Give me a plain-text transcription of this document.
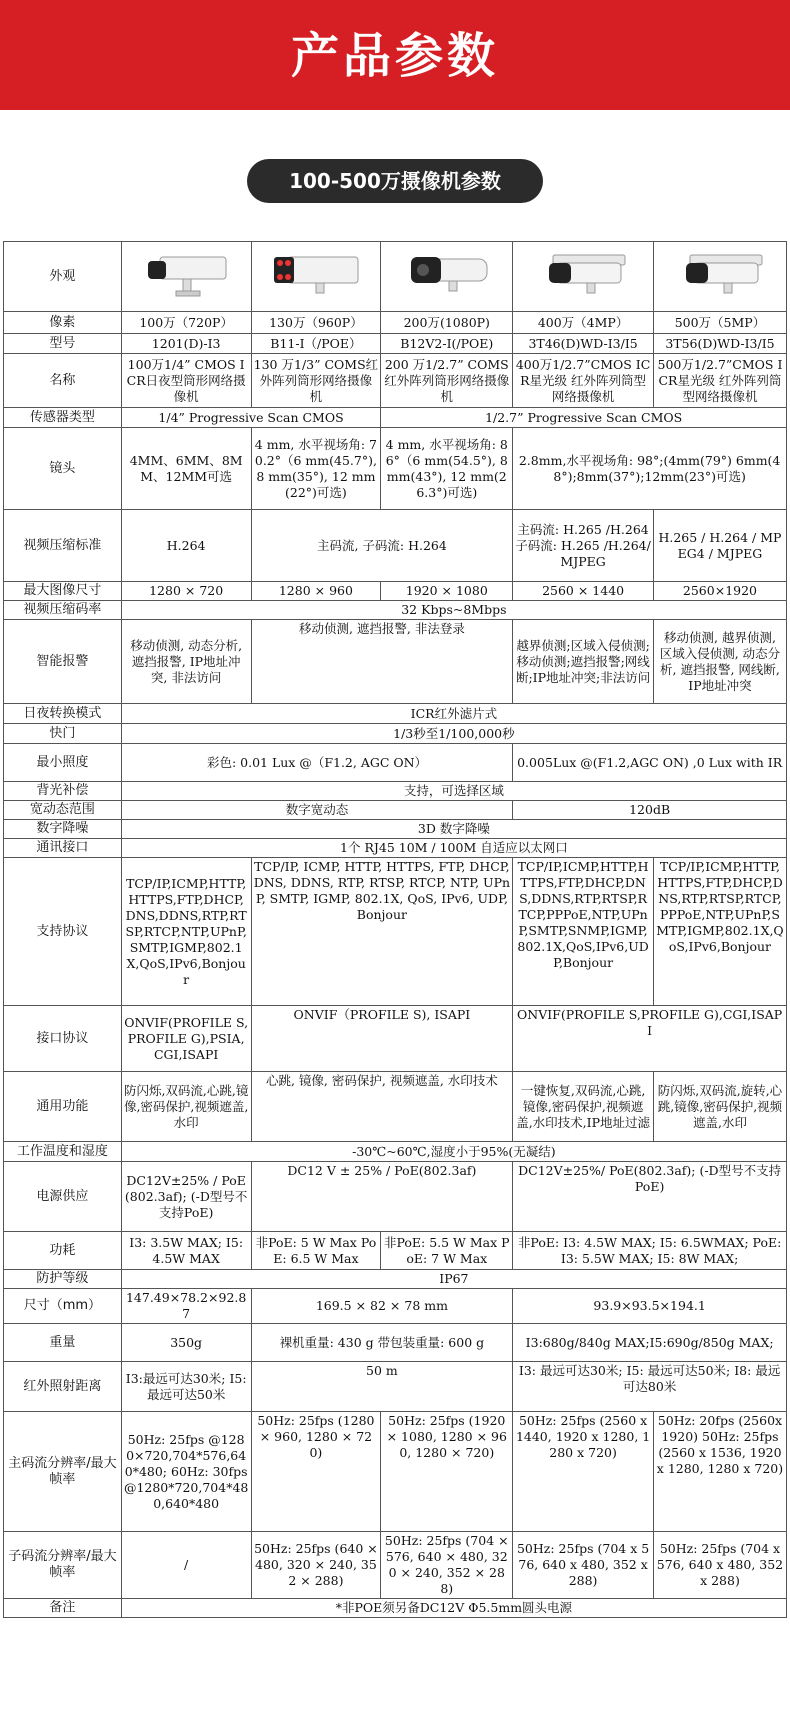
产品参数
100-500万摄像机参数
外观	

像素	100万（720P）	130万（960P）	200万(1080P)	400万（4MP）	500万（5MP）
型号	1201(D)-I3	B11-I（/POE）	B12V2-I(/POE)	3T46(D)WD-I3/I5	3T56(D)WD-I3/I5
名称	100万1/4” CMOS ICR日夜型筒形网络摄像机	130 万1/3” COMS红外阵列筒形网络摄像机	200 万1/2.7” COMS 红外阵列筒形网络摄像机	400万1/2.7”CMOS ICR星光级 红外阵列筒型网络摄像机	500万1/2.7”CMOS ICR星光级 红外阵列筒型网络摄像机
传感器类型	1/4” Progressive Scan CMOS		1/2.7” Progressive Scan CMOS		
镜头	4MM、6MM、8MM、12MM可选	4 mm, 水平视场角: 70.2°（6 mm(45.7°), 8 mm(35°), 12 mm(22°)可选)	4 mm, 水平视场角: 86°（6 mm(54.5°), 8 mm(43°), 12 mm(26.3°)可选)	2.8mm,水平视场角: 98°;(4mm(79°) 6mm(48°);8mm(37°);12mm(23°)可选)	
视频压缩标准	H.264	主码流, 子码流: H.264		主码流: H.265 /H.264 子码流: H.265 /H.264/ MJPEG	H.265 / H.264 / MPEG4 / MJPEG
最大图像尺寸	1280 × 720	1280 × 960	1920 × 1080	2560 × 1440	2560×1920
视频压缩码率	32 Kbps~8Mbps				
智能报警	移动侦测, 动态分析, 遮挡报警, IP地址冲突, 非法访问	移动侦测, 遮挡报警, 非法登录		越界侦测;区域入侵侦测;移动侦测;遮挡报警;网线断;IP地址冲突;非法访问	移动侦测, 越界侦测, 区域入侵侦测, 动态分析, 遮挡报警, 网线断, IP地址冲突
日夜转换模式	ICR红外滤片式				
快门	1/3秒至1/100,000秒				
最小照度	彩色: 0.01 Lux @（F1.2, AGC ON）			0.005Lux @(F1.2,AGC ON) ,0 Lux with IR	
背光补偿	支持，可选择区域				
宽动态范围	数字宽动态			120dB	
数字降噪	3D 数字降噪				
通讯接口	1个 RJ45 10M / 100M 自适应以太网口				
支持协议	TCP/IP,ICMP,HTTP,HTTPS,FTP,DHCP,DNS,DDNS,RTP,RTSP,RTCP,NTP,UPnP,SMTP,IGMP,802.1X,QoS,IPv6,Bonjour	TCP/IP, ICMP, HTTP, HTTPS, FTP, DHCP, DNS, DDNS, RTP, RTSP, RTCP, NTP, UPnP, SMTP, IGMP, 802.1X, QoS, IPv6, UDP, Bonjour		TCP/IP,ICMP,HTTP,HTTPS,FTP,DHCP,DNS,DDNS,RTP,RTSP,RTCP,PPPoE,NTP,UPnP,SMTP,SNMP,IGMP,802.1X,QoS,IPv6,UDP,Bonjour	TCP/IP,ICMP,HTTP,HTTPS,FTP,DHCP,DNS,RTP,RTSP,RTCP,PPPoE,NTP,UPnP,SMTP,IGMP,802.1X,QoS,IPv6,Bonjour
接口协议	ONVIF(PROFILE S,PROFILE G),PSIA,CGI,ISAPI	ONVIF（PROFILE S), ISAPI		ONVIF(PROFILE S,PROFILE G),CGI,ISAPI	
通用功能	防闪烁,双码流,心跳,镜像,密码保护,视频遮盖,水印	心跳, 镜像, 密码保护, 视频遮盖, 水印技术		一键恢复,双码流,心跳,镜像,密码保护,视频遮盖,水印技术,IP地址过滤	防闪烁,双码流,旋转,心跳,镜像,密码保护,视频遮盖,水印
工作温度和湿度	-30℃~60℃,湿度小于95%(无凝结)				
电源供应	DC12V±25% / PoE(802.3af); (-D型号不支持PoE)	DC12 V ± 25% / PoE(802.3af)		DC12V±25%/ PoE(802.3af); (-D型号不支持PoE)	
功耗	I3: 3.5W MAX; I5: 4.5W MAX	非PoE: 5 W Max PoE: 6.5 W Max	非PoE: 5.5 W Max PoE: 7 W Max	非PoE: I3: 4.5W MAX; I5: 6.5WMAX; PoE: I3: 5.5W MAX; I5: 8W MAX;	
防护等级	IP67				
尺寸（mm）	147.49×78.2×92.87	169.5 × 82 × 78 mm		93.9×93.5×194.1	
重量	350g	裸机重量: 430 g 带包装重量: 600 g		I3:680g/840g MAX;I5:690g/850g MAX;	
红外照射距离	I3:最远可达30米; I5: 最远可达50米	50 m		I3: 最远可达30米; I5: 最远可达50米; I8: 最远可达80米	
主码流分辨率/最大帧率	50Hz: 25fps @1280×720,704*576,640*480; 60Hz: 30fps @1280*720,704*480,640*480	50Hz: 25fps (1280 × 960, 1280 × 720)	50Hz: 25fps (1920 × 1080, 1280 × 960, 1280 × 720)	50Hz: 25fps (2560 x 1440, 1920 x 1280, 1280 x 720)	50Hz: 20fps (2560x1920) 50Hz: 25fps (2560 x 1536, 1920 x 1280, 1280 x 720)
子码流分辨率/最大帧率	/	50Hz: 25fps (640 × 480, 320 × 240, 352 × 288)	50Hz: 25fps (704 × 576, 640 × 480, 320 × 240, 352 × 288)	50Hz: 25fps (704 x 576, 640 x 480, 352 x 288)	50Hz: 25fps (704 x 576, 640 x 480, 352 x 288)
备注	*非POE须另备DC12V Φ5.5mm圆头电源				
